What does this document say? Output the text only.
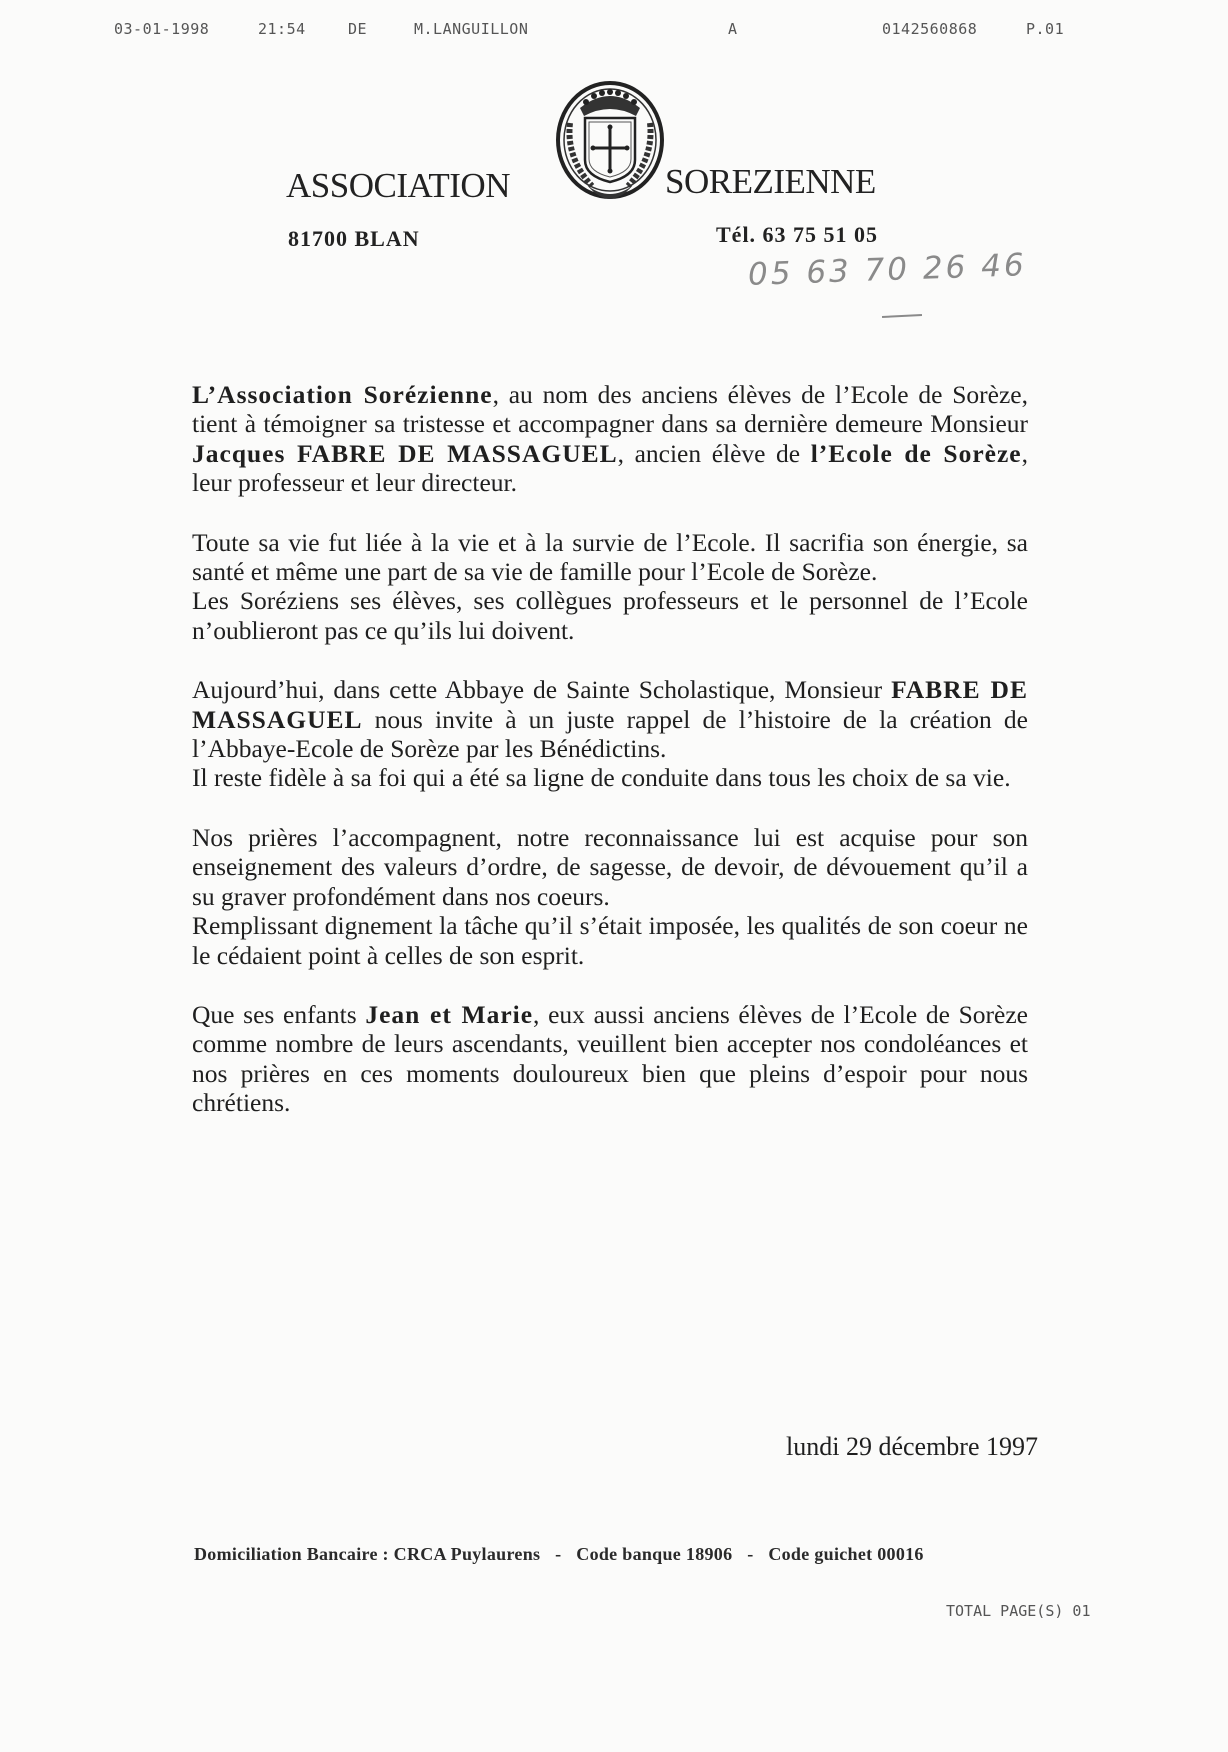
03-01-1998	21:54	DE	M.LANGUILLON	A	0142560868	P.01
ASSOCIATION	SOREZIENNE
81700 BLAN	Tél. 63 75 51 05
05 63 70 26 46

L’Association Sorézienne, au nom des anciens élèves de l’Ecole de Sorèze, tient à témoigner sa tristesse et accompagner dans sa dernière demeure Monsieur Jacques FABRE DE MASSAGUEL, ancien élève de l’Ecole de Sorèze, leur professeur et leur directeur.

Toute sa vie fut liée à la vie et à la survie de l’Ecole. Il sacrifia son énergie, sa santé et même une part de sa vie de famille pour l’Ecole de Sorèze.
Les Soréziens ses élèves, ses collègues professeurs et le personnel de l’Ecole n’oublieront pas ce qu’ils lui doivent.

Aujourd’hui, dans cette Abbaye de Sainte Scholastique, Monsieur FABRE DE MASSAGUEL nous invite à un juste rappel de l’histoire de la création de l’Abbaye-Ecole de Sorèze par les Bénédictins.
Il reste fidèle à sa foi qui a été sa ligne de conduite dans tous les choix de sa vie.

Nos prières l’accompagnent, notre reconnaissance lui est acquise pour son enseignement des valeurs d’ordre, de sagesse, de devoir, de dévouement qu’il a su graver profondément dans nos coeurs.
Remplissant dignement la tâche qu’il s’était imposée, les qualités de son coeur ne le cédaient point à celles de son esprit.

Que ses enfants Jean et Marie, eux aussi anciens élèves de l’Ecole de Sorèze comme nombre de leurs ascendants, veuillent bien accepter nos condoléances et nos prières en ces moments douloureux bien que pleins d’espoir pour nous chrétiens.

lundi 29 décembre 1997
Domiciliation Bancaire : CRCA Puylaurens - Code banque 18906 - Code guichet 00016
TOTAL PAGE(S) 01
